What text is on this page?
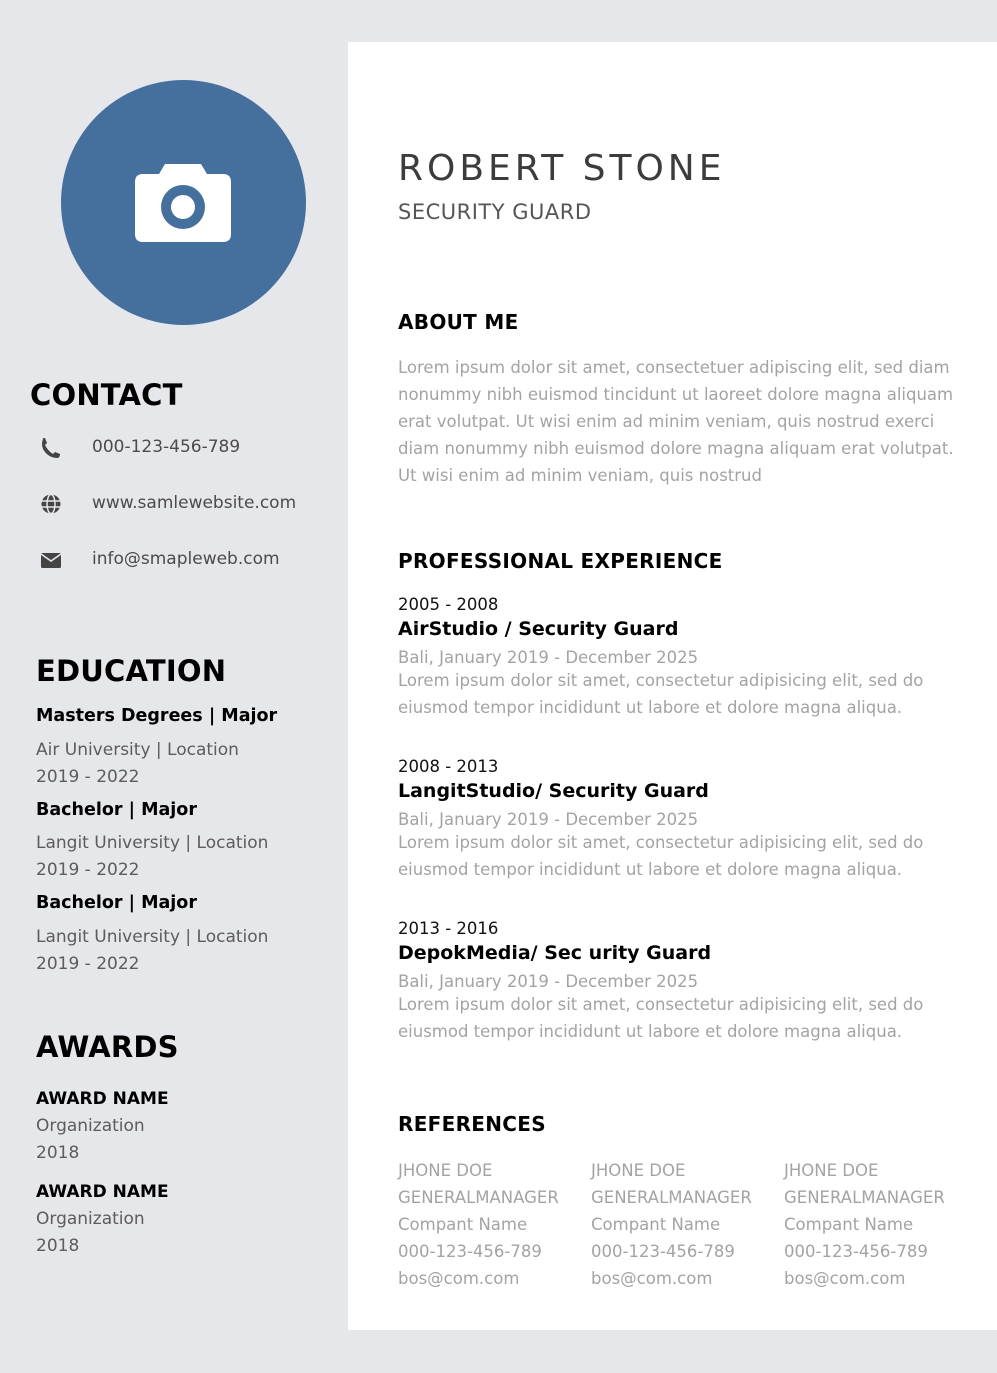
CONTACT
000-123-456-789
www.samlewebsite.com
info@smapleweb.com
EDUCATION
Masters Degrees | Major
Air University | Location
2019 - 2022
Bachelor | Major
Langit University | Location
2019 - 2022
Bachelor | Major
Langit University | Location
2019 - 2022
AWARDS
AWARD NAME
Organization
2018
AWARD NAME
Organization
2018
ROBERT STONE
SECURITY GUARD
ABOUT ME
Lorem ipsum dolor sit amet, consectetuer adipiscing elit, sed diam nonummy nibh euismod tincidunt ut laoreet dolore magna aliquam erat volutpat. Ut wisi enim ad minim veniam, quis nostrud exerci diam nonummy nibh euismod dolore magna aliquam erat volutpat. Ut wisi enim ad minim veniam, quis nostrud
PROFESSIONAL EXPERIENCE
2005 - 2008
AirStudio / Security Guard
Bali, January 2019 - December 2025
Lorem ipsum dolor sit amet, consectetur adipisicing elit, sed do eiusmod tempor incididunt ut labore et dolore magna aliqua.
2008 - 2013
LangitStudio/ Security Guard
Bali, January 2019 - December 2025
Lorem ipsum dolor sit amet, consectetur adipisicing elit, sed do eiusmod tempor incididunt ut labore et dolore magna aliqua.
2013 - 2016
DepokMedia/ Sec urity Guard
Bali, January 2019 - December 2025
Lorem ipsum dolor sit amet, consectetur adipisicing elit, sed do eiusmod tempor incididunt ut labore et dolore magna aliqua.
REFERENCES
JHONE DOE
GENERALMANAGER
Compant Name
000-123-456-789
bos@com.com
JHONE DOE
GENERALMANAGER
Compant Name
000-123-456-789
bos@com.com
JHONE DOE
GENERALMANAGER
Compant Name
000-123-456-789
bos@com.com
